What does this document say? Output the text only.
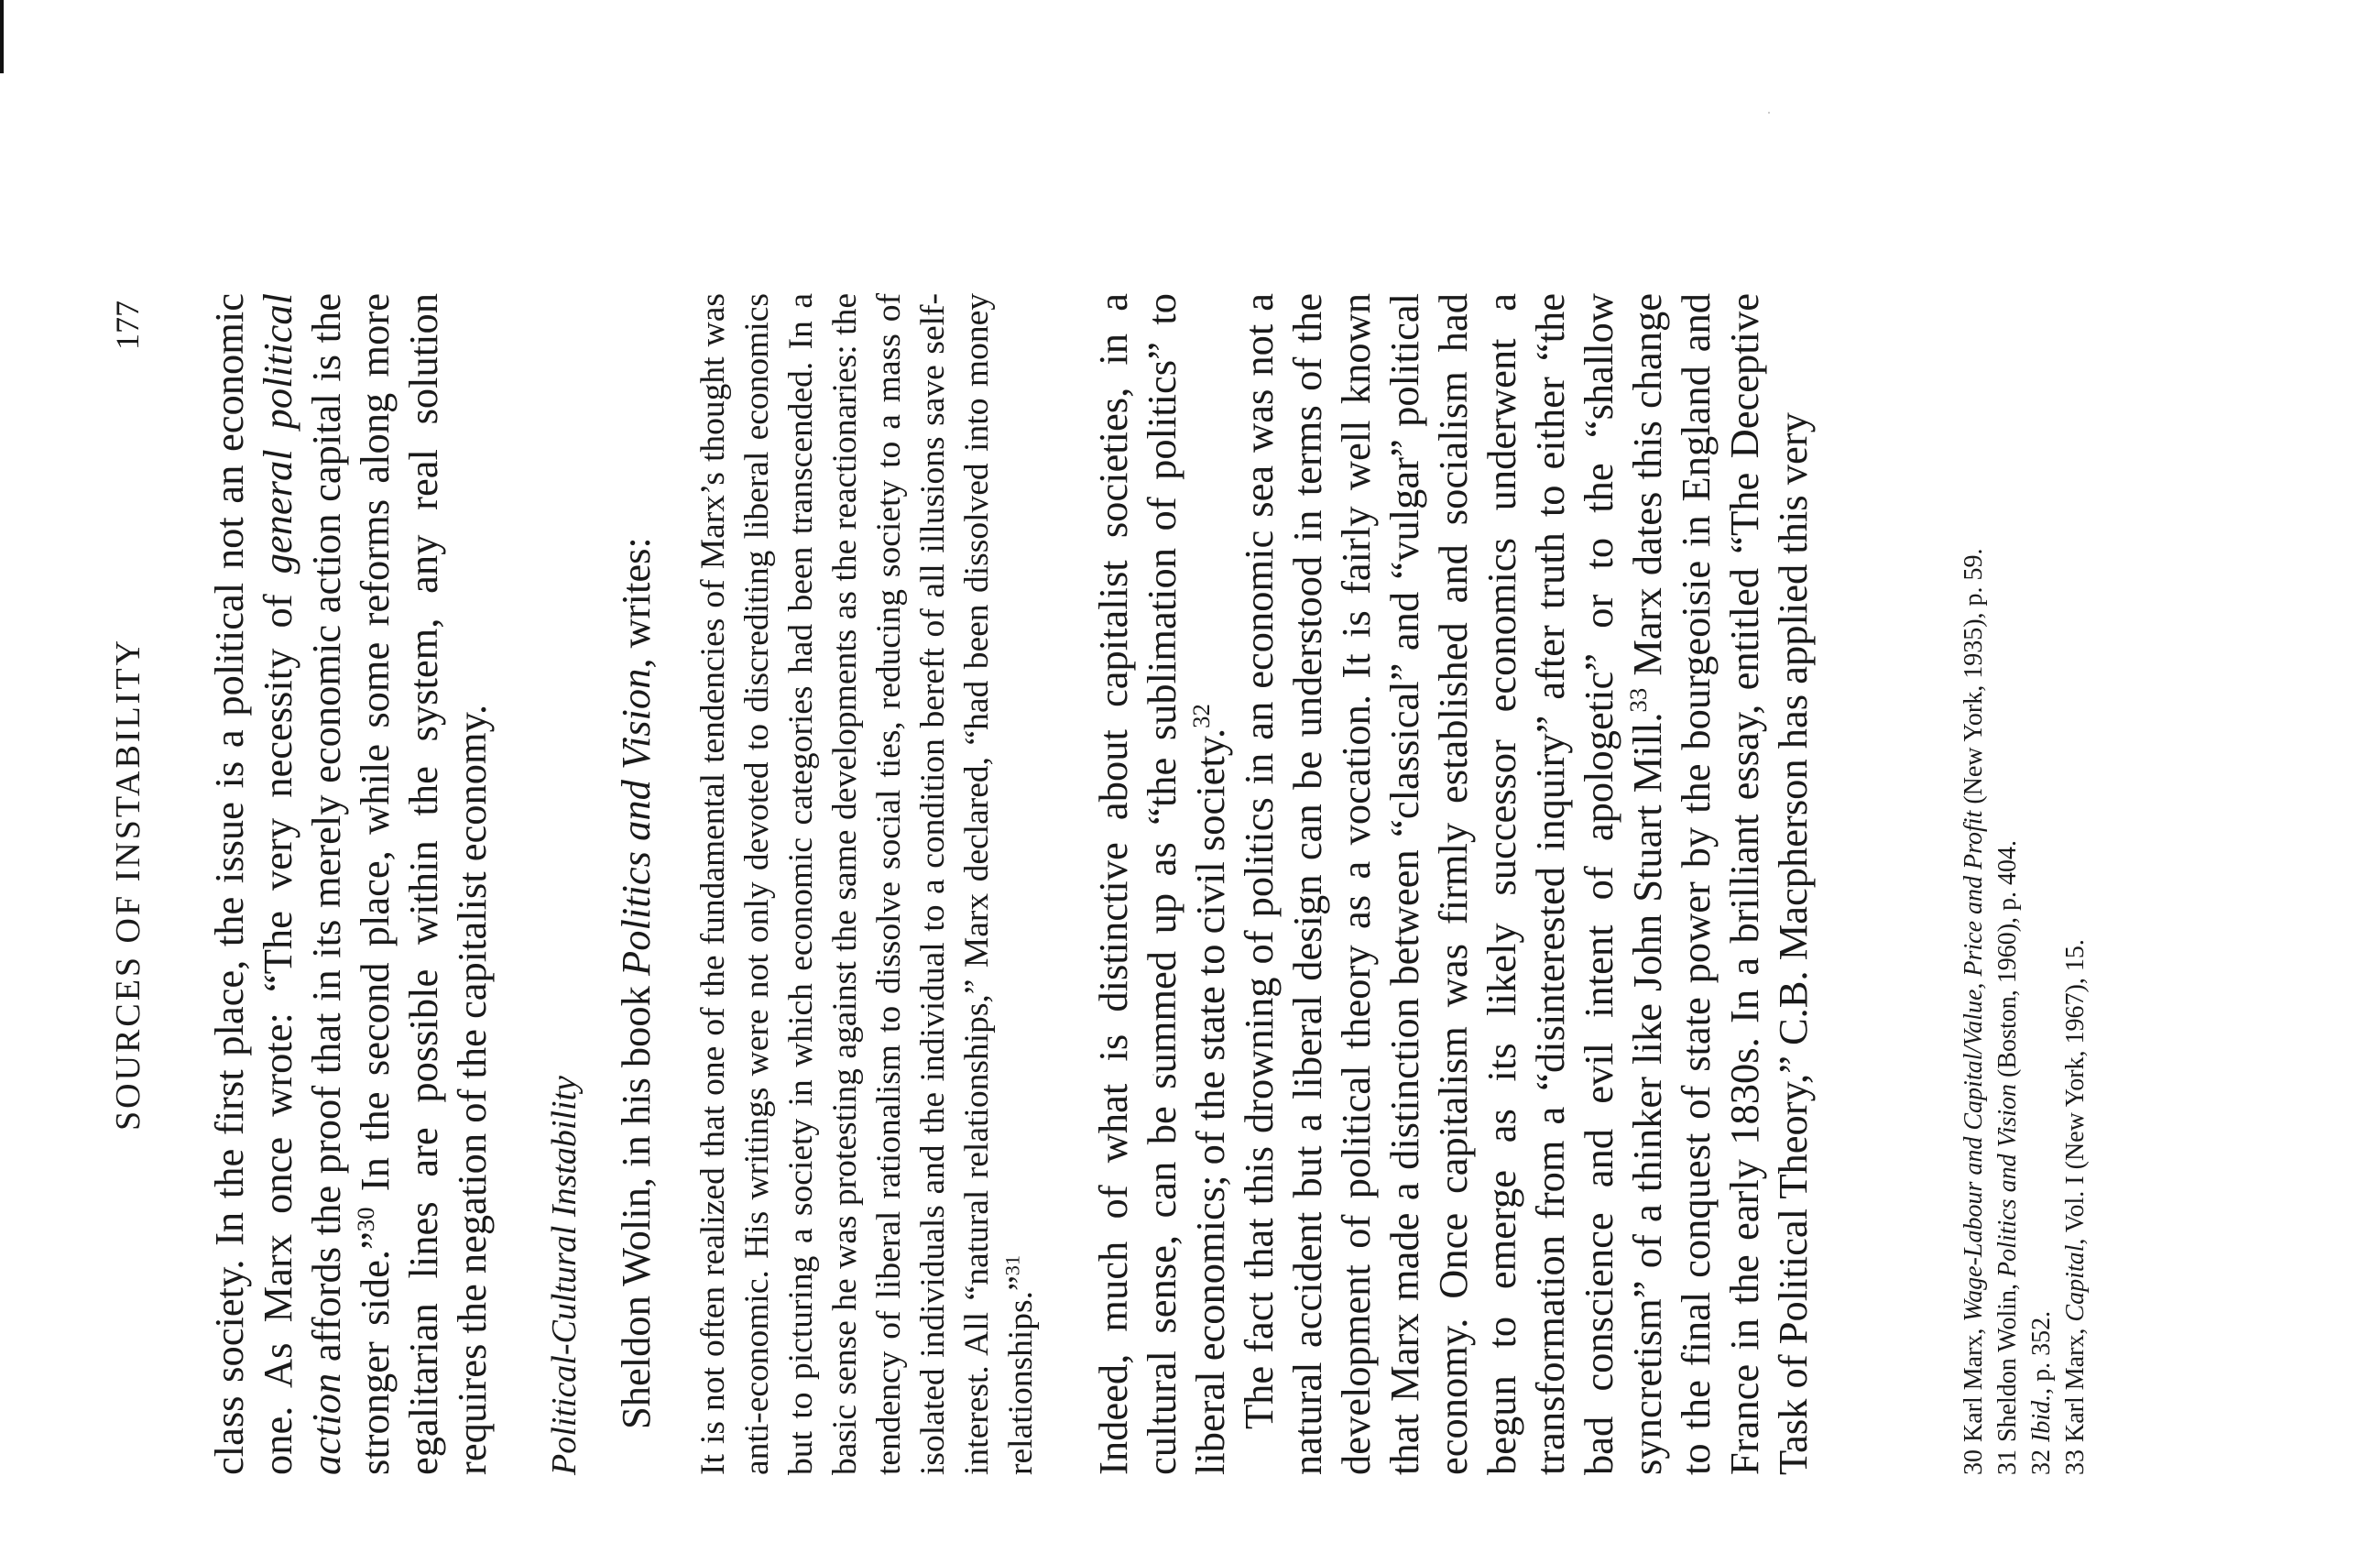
SOURCES OF INSTABILITY
177 class society. In the first place, the issue is a political not an economic one. As Marx once wrote: “The very necessity of general political action affords the proof that in its merely economic action capital is the stronger side.”$^{30}$ In the second place, while some reforms along more egalitarian lines are possible within the system, any real solution requires the negation of the capitalist economy. Political-Cultural Instability Sheldon Wolin, in his book Politics and Vision, writes: It is not often realized that one of the fundamental tendencies of Marx’s thought was anti-economic. His writings were not only devoted to discrediting liberal economics but to picturing a society in which economic categories had been transcended. In a basic sense he was protesting against the same developments as the reactionaries: the tendency of liberal rationalism to dissolve social ties, reducing society to a mass of isolated individuals and the individual to a condition bereft of all illusions save self-interest. All “natural relationships,” Marx declared, “had been dissolved into money relationships.”$^{31}$	Indeed, much of what is distinctive about capitalist societies, in a cultural sense, can be summed up as “the sublimation of politics” to liberal economics; of the state to civil society.$^{32}$ The fact that this drowning of politics in an economic sea was not a natural accident but a liberal design can be understood in terms of the development of political theory as a vocation. It is fairly well known that Marx made a distinction between “classical” and “vulgar” political economy. Once capitalism was firmly established and socialism had begun to emerge as its likely successor economics underwent a transformation from a “disinterested inquiry” after truth to either “the bad conscience and evil intent of apologetic” or to the “shallow syncretism” of a thinker like John Stuart Mill.$^{33}$ Marx dates this change to the final conquest of state power by the bourgeoisie in England and France in the early 1830s. In a brilliant essay, entitled “The Deceptive Task of Political Theory,” C.B. Macpherson has applied this very	30Karl Marx, Wage-Labour and Capital/Value, Price and Profit (New York, 1935), p. 59.
31Sheldon Wolin, Politics and Vision (Boston, 1960), p. 404.
32Ibid., p. 352.
33Karl Marx, Capital, Vol. I (New York, 1967), 15.
